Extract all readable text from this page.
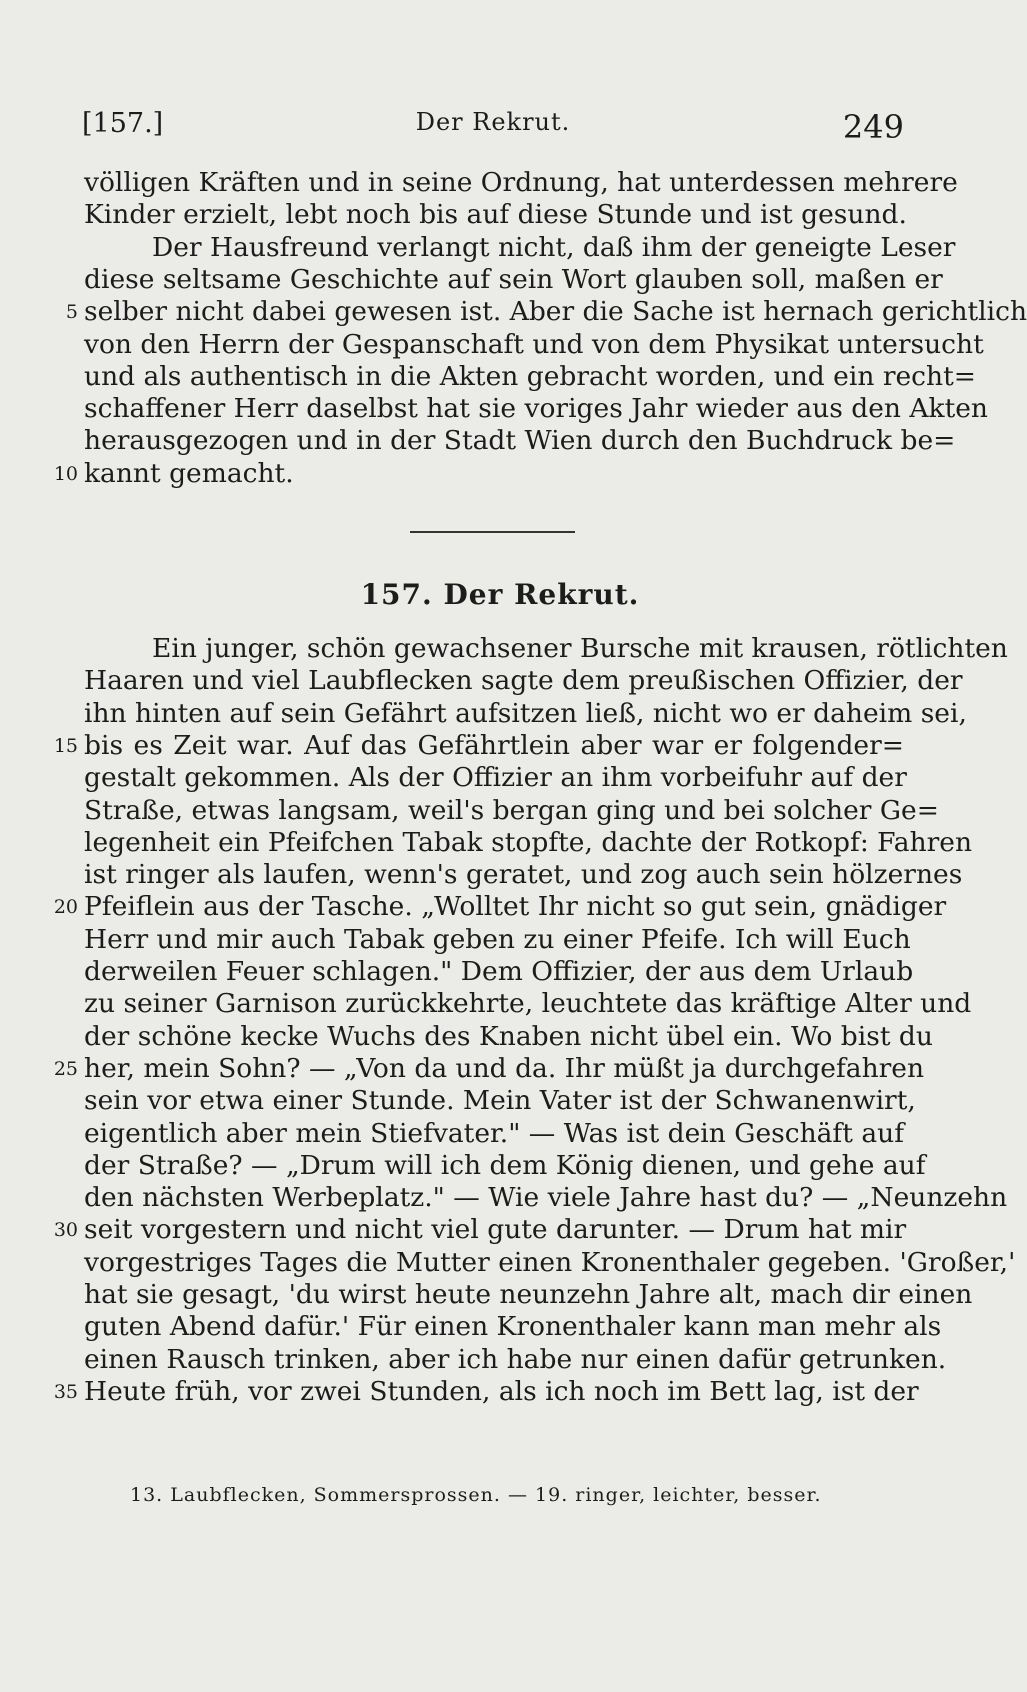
[157.]	Der Rekrut.	249
völligen Kräften und in seine Ordnung, hat unterdessen mehrere
Kinder erzielt, lebt noch bis auf diese Stunde und ist gesund.
Der Hausfreund verlangt nicht, daß ihm der geneigte Leser
diese seltsame Geschichte auf sein Wort glauben soll, maßen er
selber nicht dabei gewesen ist. Aber die Sache ist hernach gerichtlich
5
von den Herrn der Gespanschaft und von dem Physikat untersucht
und als authentisch in die Akten gebracht worden, und ein recht=
schaffener Herr daselbst hat sie voriges Jahr wieder aus den Akten
herausgezogen und in der Stadt Wien durch den Buchdruck be=
kannt gemacht.
10
157. Der Rekrut.
Ein junger, schön gewachsener Bursche mit krausen, rötlichten
Haaren und viel Laubflecken sagte dem preußischen Offizier, der
ihn hinten auf sein Gefährt aufsitzen ließ, nicht wo er daheim sei,
bis es Zeit war. Auf das Gefährtlein aber war er folgender=
15
gestalt gekommen. Als der Offizier an ihm vorbeifuhr auf der
Straße, etwas langsam, weil's bergan ging und bei solcher Ge=
legenheit ein Pfeifchen Tabak stopfte, dachte der Rotkopf: Fahren
ist ringer als laufen, wenn's geratet, und zog auch sein hölzernes
Pfeiflein aus der Tasche. „Wolltet Ihr nicht so gut sein, gnädiger
20
Herr und mir auch Tabak geben zu einer Pfeife. Ich will Euch
derweilen Feuer schlagen." Dem Offizier, der aus dem Urlaub
zu seiner Garnison zurückkehrte, leuchtete das kräftige Alter und
der schöne kecke Wuchs des Knaben nicht übel ein. Wo bist du
her, mein Sohn? — „Von da und da. Ihr müßt ja durchgefahren
25
sein vor etwa einer Stunde. Mein Vater ist der Schwanenwirt,
eigentlich aber mein Stiefvater." — Was ist dein Geschäft auf
der Straße? — „Drum will ich dem König dienen, und gehe auf
den nächsten Werbeplatz." — Wie viele Jahre hast du? — „Neunzehn
seit vorgestern und nicht viel gute darunter. — Drum hat mir
30
vorgestriges Tages die Mutter einen Kronenthaler gegeben. 'Großer,'
hat sie gesagt, 'du wirst heute neunzehn Jahre alt, mach dir einen
guten Abend dafür.' Für einen Kronenthaler kann man mehr als
einen Rausch trinken, aber ich habe nur einen dafür getrunken.
Heute früh, vor zwei Stunden, als ich noch im Bett lag, ist der
35
13. Laubflecken, Sommersprossen. — 19. ringer, leichter, besser.
